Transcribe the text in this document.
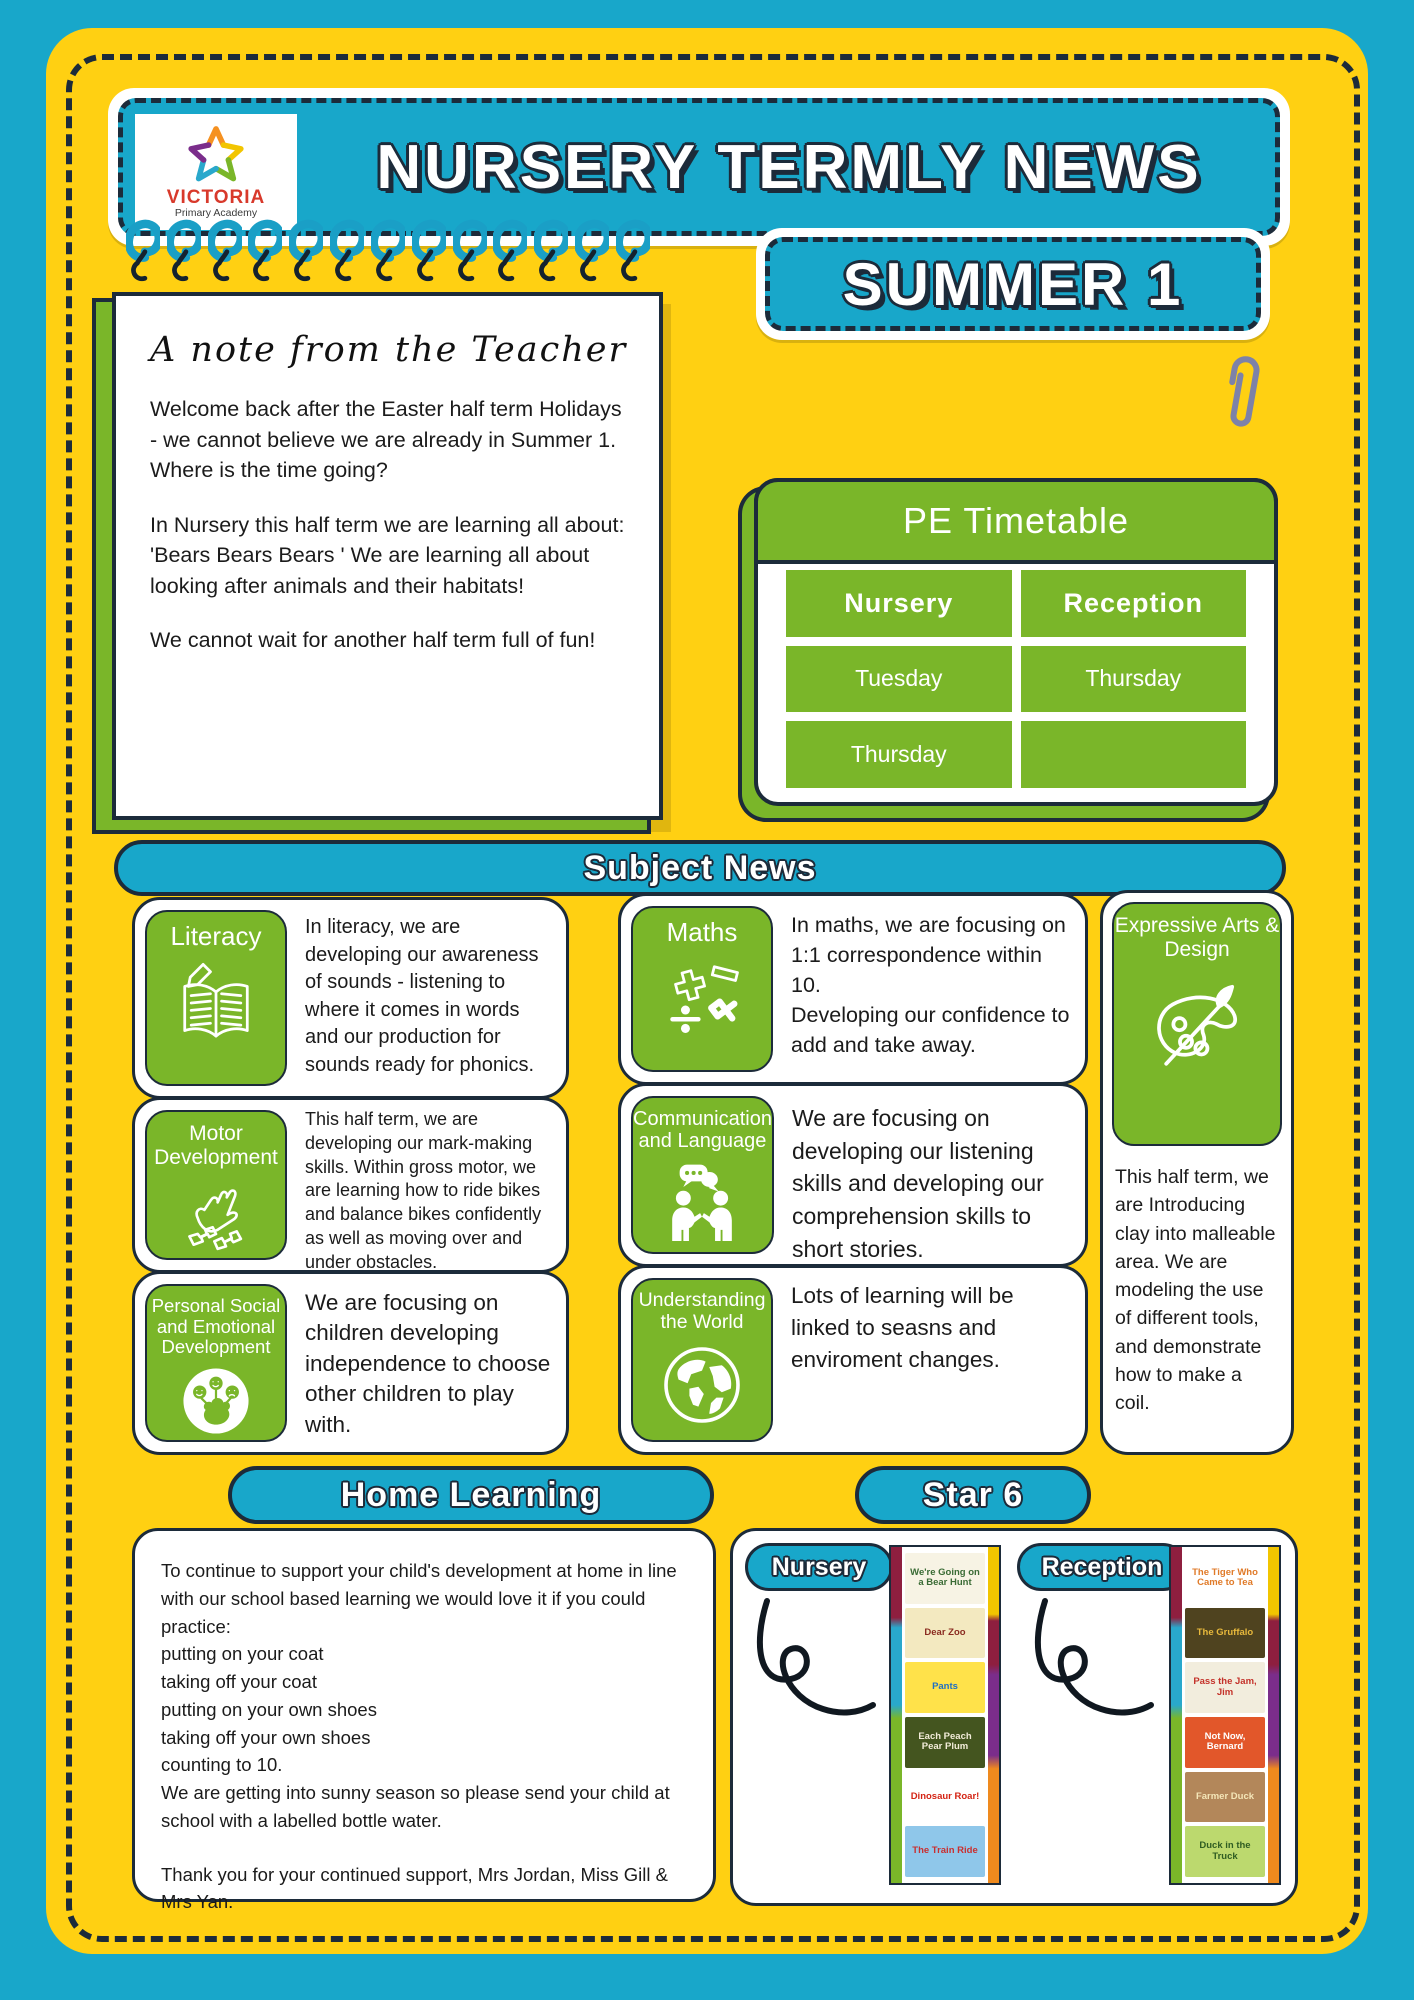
VICTORIA
Primary Academy
NURSERY TERMLY NEWS
A note from the Teacher
Welcome back after the Easter half term Holidays - we cannot believe we are already in Summer 1. Where is the time going?
In Nursery this half term we are learning all about: 'Bears Bears Bears ' We are learning all about looking after animals and their habitats!
We cannot wait for another half term full of fun!
SUMMER 1
PE Timetable
Nursery	Reception
Tuesday	Thursday
Thursday
Subject News
Literacy	In literacy, we are developing our awareness of sounds - listening to where it comes in words and our production for sounds ready for phonics.
Motor Development
This half term, we are developing our mark-making skills. Within gross motor, we are learning how to ride bikes and balance bikes confidently as well as moving over and under obstacles.
Personal Social and Emotional Development
We are focusing on children developing independence to choose other children to play with.
Maths In maths, we are focusing on 1:1 correspondence within 10.
Developing our confidence to add and take away.
Communication and Language
We are focusing on developing our listening skills and developing our comprehension skills to short stories.
Understanding the World
Lots of learning will be linked to seasns and enviroment changes.
Expressive Arts & Design
This half term, we are Introducing clay into malleable area. We are modeling the use of different tools, and demonstrate how to make a coil.
Home Learning	Star 6
To continue to support your child's development at home in line with our school based learning we would love it if you could practice:
putting on your coat
taking off your coat
putting on your own shoes
taking off your own shoes
counting to 10.
We are getting into sunny season so please send your child at school with a labelled bottle water.
Thank you for your continued support, Mrs Jordan, Miss Gill & Mrs Yan.
Nursery	We're Going on a Bear Hunt
Dear Zoo
Pants
Each Peach Pear Plum
Dinosaur Roar!
The Train Ride
Reception	The Tiger Who Came to Tea
The Gruffalo
Pass the Jam, Jim
Not Now, Bernard
Farmer Duck
Duck in the Truck
